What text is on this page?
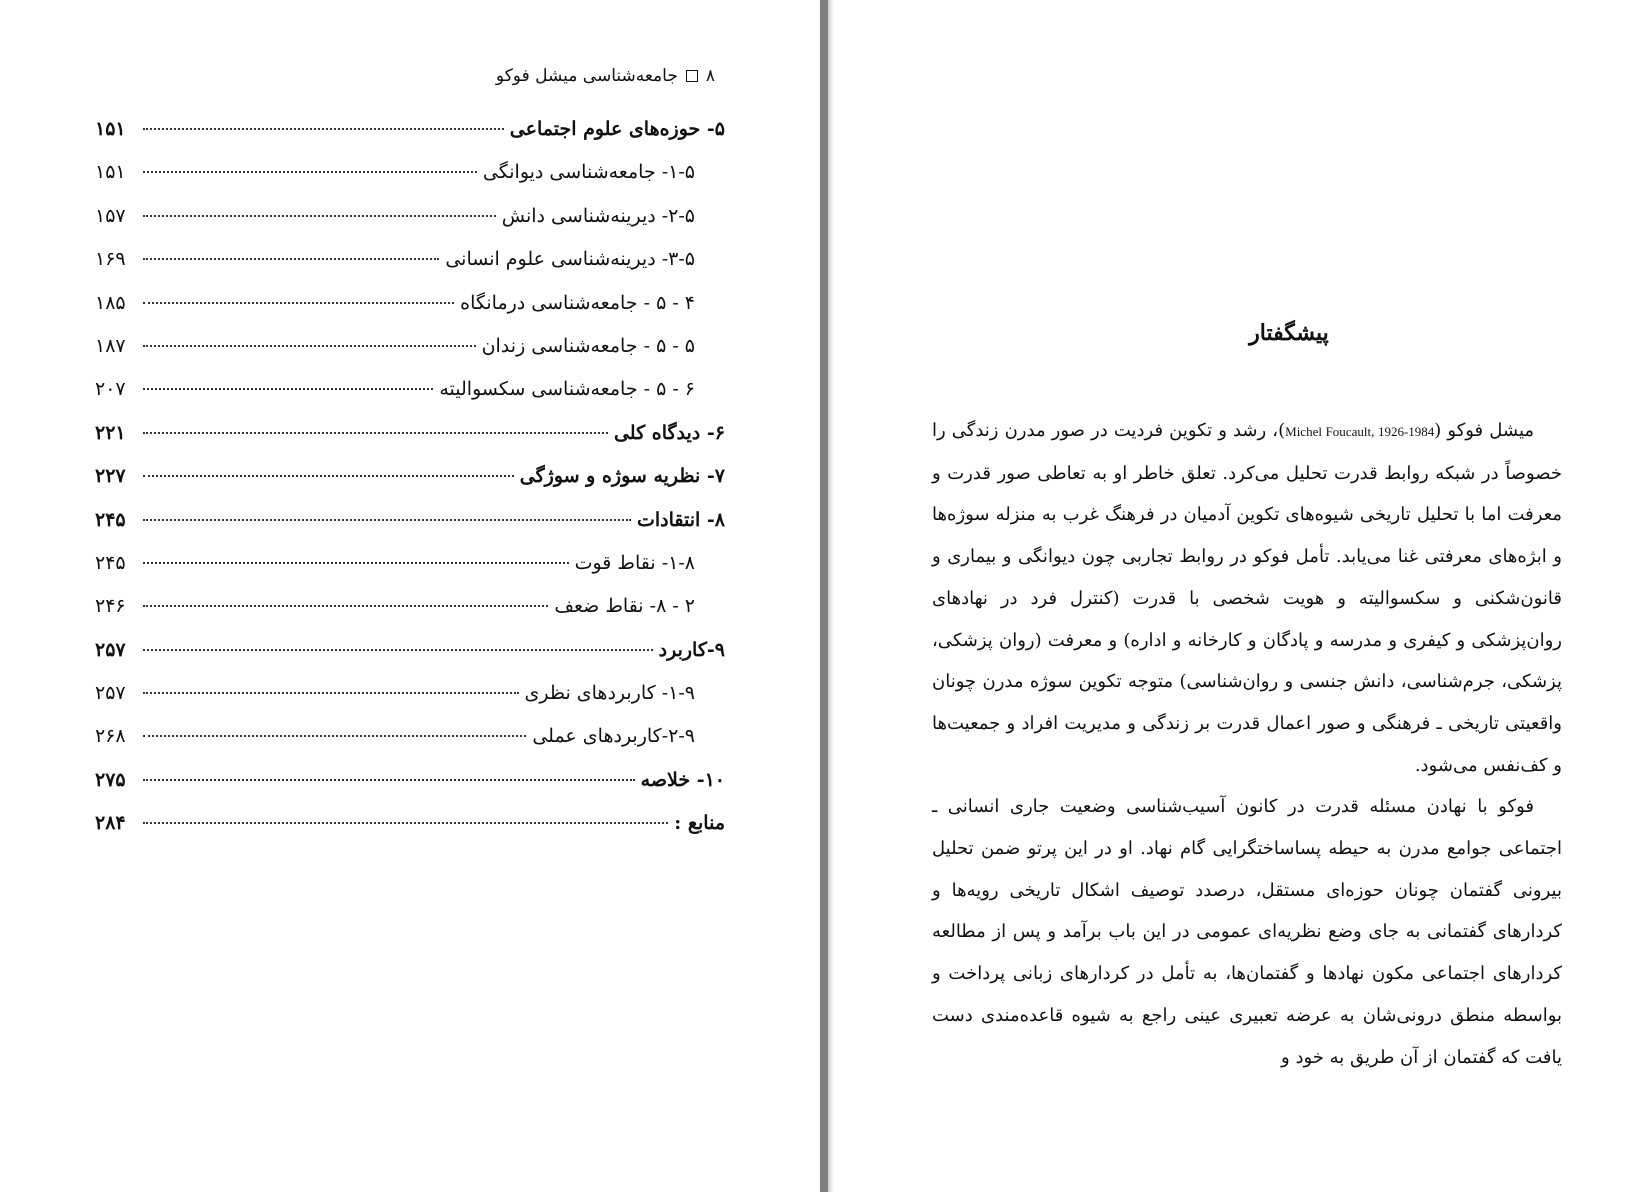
۸
جامعه‌شناسی میشل فوکو
۵- حوزه‌های علوم اجتماعی
۱۵۱
۱-۵- جامعه‌شناسی دیوانگی
۱۵۱
۲-۵- دیرینه‌شناسی دانش
۱۵۷
۳-۵- دیرینه‌شناسی علوم انسانی
۱۶۹
۴ - ۵ - جامعه‌شناسی درمانگاه
۱۸۵
۵ - ۵ - جامعه‌شناسی زندان
۱۸۷
۶ - ۵ - جامعه‌شناسی سکسوالیته
۲۰۷
۶- دیدگاه کلی
۲۲۱
۷- نظریه سوژه و سوژگی
۲۲۷
۸- انتقادات
۲۴۵
۱-۸- نقاط قوت
۲۴۵
۲ - ۸- نقاط ضعف
۲۴۶
۹-کاربرد
۲۵۷
۱-۹- کاربردهای نظری
۲۵۷
۲-۹-کاربردهای عملی
۲۶۸
۱۰- خلاصه
۲۷۵
منابع :
۲۸۴
پیشگفتار

میشل فوکو (Michel Foucault, 1926-1984)، رشد و تکوین فردیت در صور مدرن زندگی را خصوصاً در شبکه روابط قدرت تحلیل می‌کرد. تعلق خاطر او به تعاطی صور قدرت و معرفت اما با تحلیل تاریخی شیوه‌های تکوین آدمیان در فرهنگ غرب به منزله سوژه‌ها و ابژه‌های معرفتی غنا می‌یابد. تأمل فوکو در روابط تجاربی چون دیوانگی و بیماری و قانون‌شکنی و سکسوالیته و هویت شخصی با قدرت (کنترل فرد در نهادهای روان‌پزشکی و کیفری و مدرسه و پادگان و کارخانه و اداره) و معرفت (روان پزشکی، پزشکی، جرم‌شناسی، دانش جنسی و روان‌شناسی) متوجه تکوین سوژه مدرن چونان واقعیتی تاریخی ـ فرهنگی و صور اعمال قدرت بر زندگی و مدیریت افراد و جمعیت‌ها و کف‌نفس می‌شود.

فوکو با نهادن مسئله قدرت در کانون آسیب‌شناسی وضعیت جاری انسانی ـ اجتماعی جوامع مدرن به حیطه پساساختگرایی گام نهاد. او در این پرتو ضمن تحلیل بیرونی گفتمان چونان حوزه‌ای مستقل، درصدد توصیف اشکال تاریخی رویه‌ها و کردارهای گفتمانی به جای وضع نظریه‌ای عمومی در این باب برآمد و پس از مطالعه کردارهای اجتماعی مکون نهادها و گفتمان‌ها، به تأمل در کردارهای زبانی پرداخت و بواسطه منطق درونی‌شان به عرضه تعبیری عینی راجع به شیوه قاعده‌مندی دست یافت که گفتمان از آن طریق به خود و
